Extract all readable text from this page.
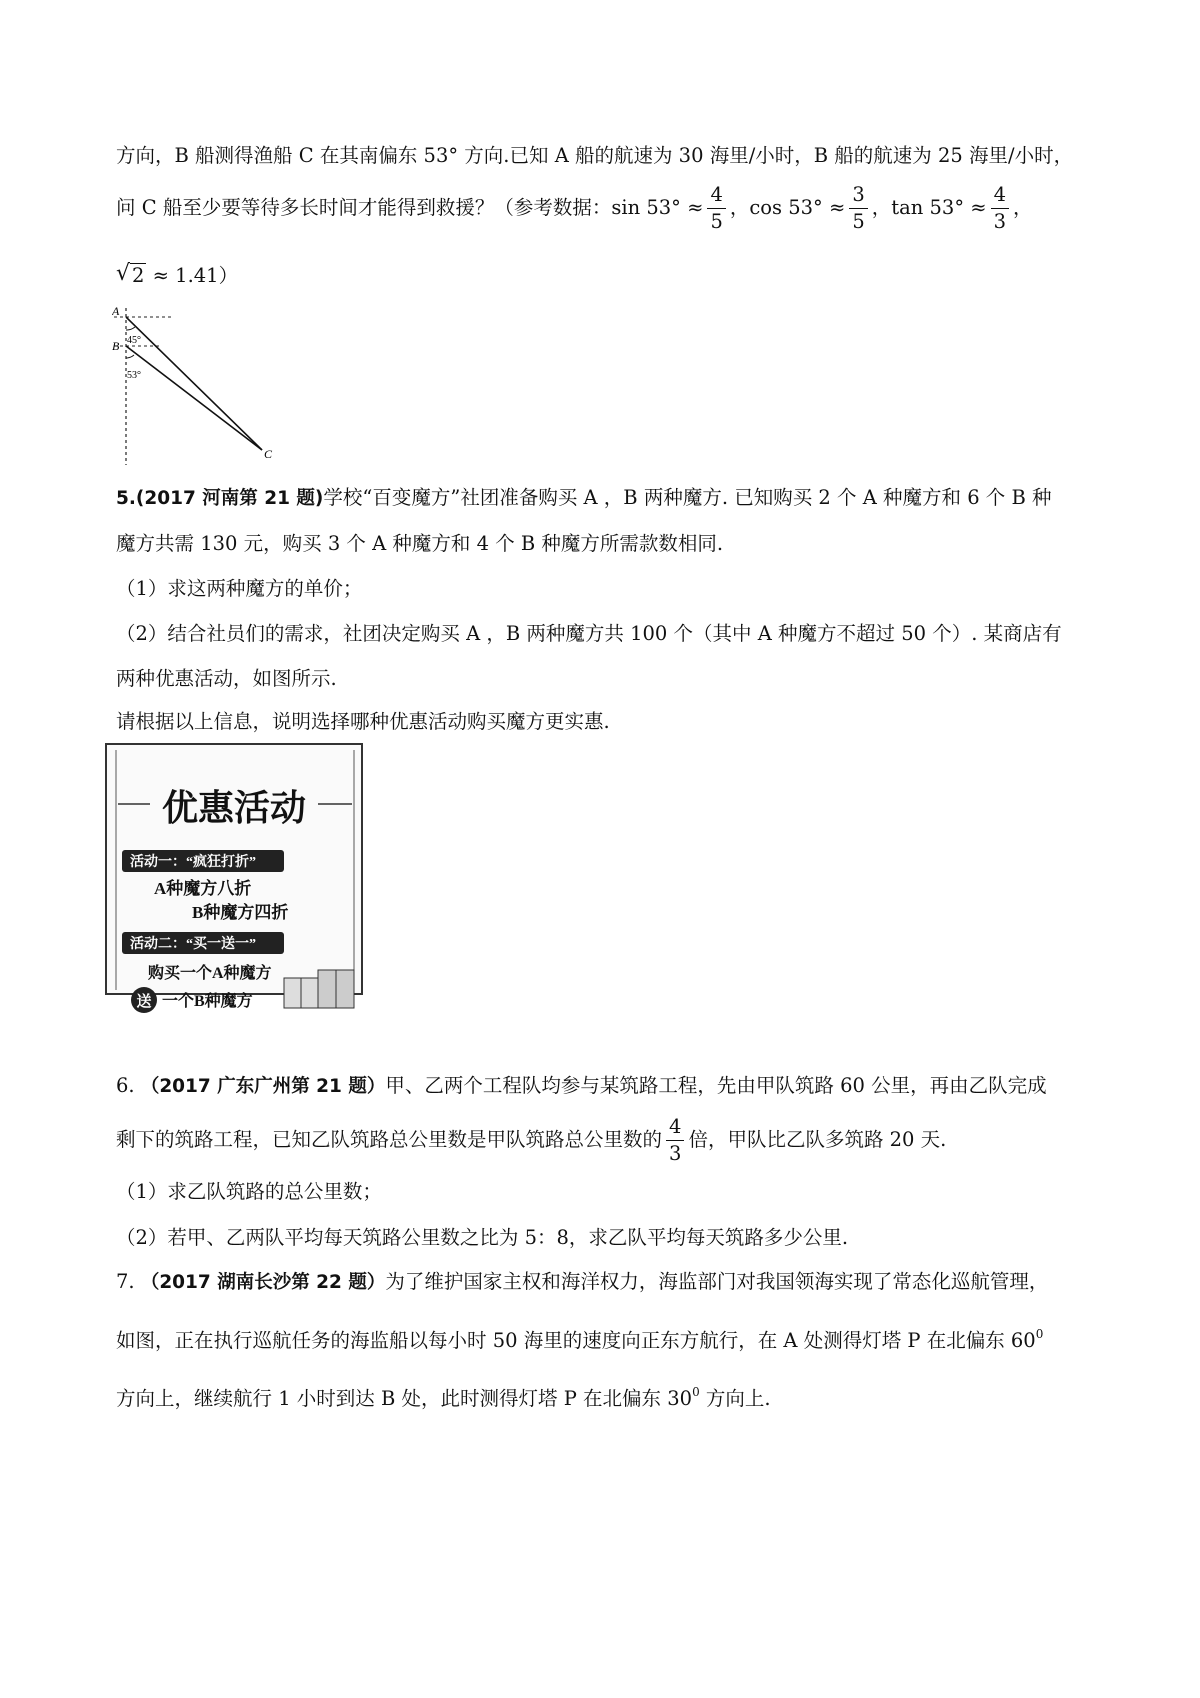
方向，B 船测得渔船 C 在其南偏东 53° 方向.已知 A 船的航速为 30 海里/小时，B 船的航速为 25 海里/小时，
问 C 船至少要等待多长时间才能得到救援？（参考数据： $\sin 53^\circ \approx \frac{4}{5}$ ， $\cos 53^\circ \approx \frac{3}{5}$ ， $\tan 53^\circ \approx \frac{4}{3}$ ，
√ 2 ≈ 1.41）
A
B
C
45°
53°
5.(2017 河南第 21 题)学校“百变魔方”社团准备购买 A ，B 两种魔方. 已知购买 2 个 A 种魔方和 6 个 B 种
魔方共需 130 元，购买 3 个 A 种魔方和 4 个 B 种魔方所需款数相同.
（1）求这两种魔方的单价；
（2）结合社员们的需求，社团决定购买 A ，B 两种魔方共 100 个（其中 A 种魔方不超过 50 个）. 某商店有
两种优惠活动，如图所示.
请根据以上信息，说明选择哪种优惠活动购买魔方更实惠.
优惠活动
活动一：“疯狂打折”
A种魔方八折
B种魔方四折
活动二：“买一送一”
购买一个A种魔方
送 一个B种魔方
6. （2017 广东广州第 21 题）甲、乙两个工程队均参与某筑路工程，先由甲队筑路 60 公里，再由乙队完成
剩下的筑路工程，已知乙队筑路总公里数是甲队筑路总公里数的 $\frac{4}{3}$ 倍，甲队比乙队多筑路 20 天.
（1）求乙队筑路的总公里数；
（2）若甲、乙两队平均每天筑路公里数之比为 5：8，求乙队平均每天筑路多少公里.
7. （2017 湖南长沙第 22 题）为了维护国家主权和海洋权力，海监部门对我国领海实现了常态化巡航管理，
如图，正在执行巡航任务的海监船以每小时 50 海里的速度向正东方航行，在 A 处测得灯塔 P 在北偏东 $60^0$
方向上，继续航行 1 小时到达 B 处，此时测得灯塔 P 在北偏东 $30^0$ 方向上.
